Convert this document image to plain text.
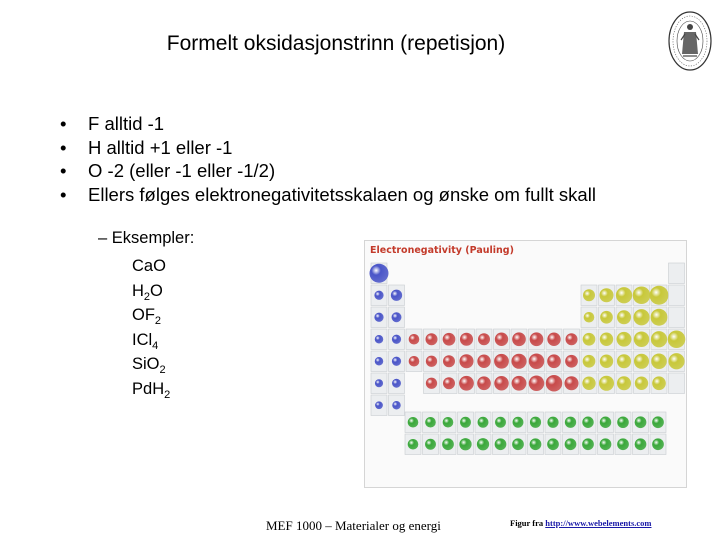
Formelt oksidasjonstrinn (repetisjon)
• F alltid -1
• H alltid +1 eller -1
• O -2 (eller -1 eller -1/2)
• Ellers følges elektronegativitetsskalaen og ønske om fullt skall
– Eksempler:
CaO
$H_2O$
$OF_2$
ICl$_4$
SiO$_2$
PdH$_2$
Electronegativity (Pauling)
MEF 1000 – Materialer og energi	Figur fra http://www.webelements.com
